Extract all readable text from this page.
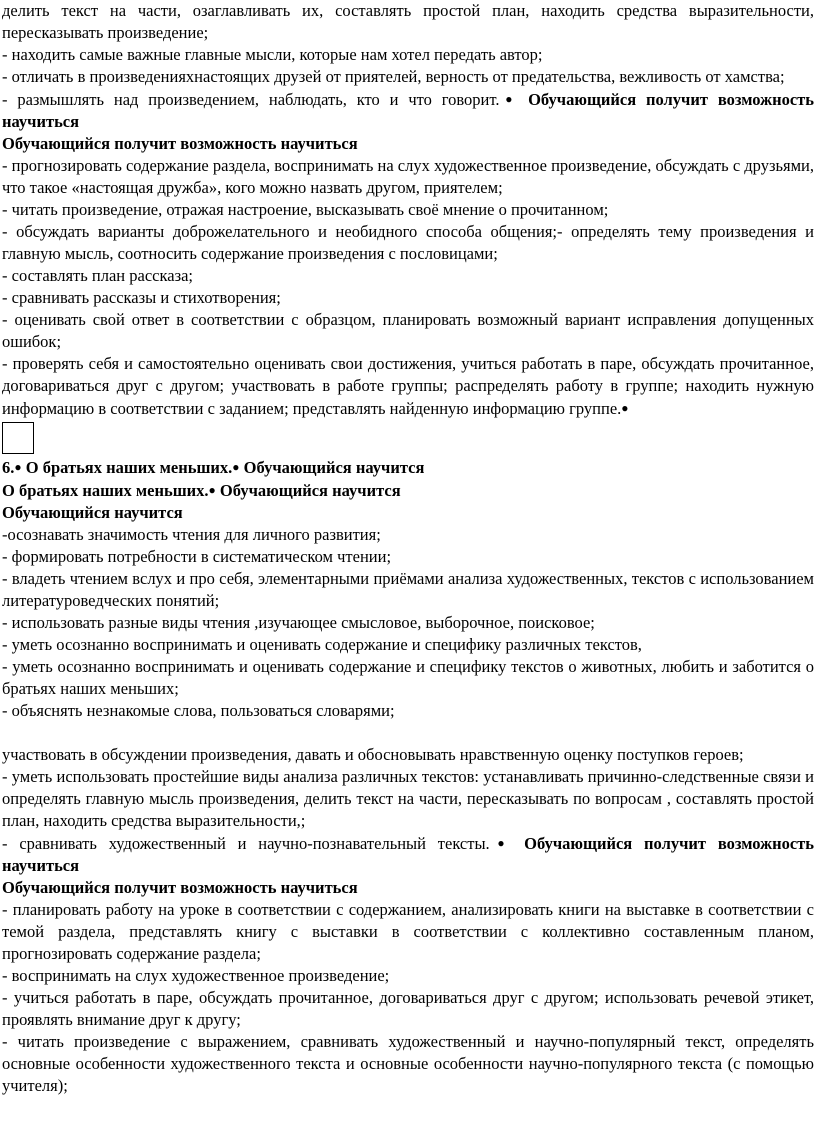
делить текст на части, озаглавливать их, составлять простой план, находить средства выразительности, пересказывать произведение;

- находить самые важные главные мысли, которые нам хотел передать автор;

- отличать в произведенияхнастоящих друзей от приятелей, верность от предательства, вежливость от хамства;

- размышлять над произведением, наблюдать, кто и что говорит.● Обучающийся получит возможность научиться

Обучающийся получит возможность научиться

- прогнозировать содержание раздела, воспринимать на слух художественное произведение, обсуждать с друзьями, что такое «настоящая дружба», кого можно назвать другом, приятелем;

- читать произведение, отражая настроение, высказывать своё мнение о прочитанном;

- обсуждать варианты доброжелательного и необидного способа общения;- определять тему произведения и главную мысль, соотносить содержание произведения с пословицами;

- составлять план рассказа;

- сравнивать рассказы и стихотворения;

- оценивать свой ответ в соответствии с образцом, планировать возможный вариант исправления допущенных ошибок;

- проверять себя и самостоятельно оценивать свои достижения, учиться работать в паре, обсуждать прочитанное, договариваться друг с другом; участвовать в работе группы; распределять работу в группе; находить нужную информацию в соответствии с заданием; представлять найденную информацию группе.●

6.● О братьях наших меньших.● Обучающийся научится

О братьях наших меньших.● Обучающийся научится

Обучающийся научится

-осознавать значимость чтения для личного развития;

- формировать потребности в систематическом чтении;

- владеть чтением вслух и про себя, элементарными приёмами анализа художественных, текстов с использованием литературоведческих понятий;

- использовать разные виды чтения ,изучающее смысловое, выборочное, поисковое;

- уметь осознанно воспринимать и оценивать содержание и специфику различных текстов,

- уметь осознанно воспринимать и оценивать содержание и специфику текстов о животных, любить и заботится о братьях наших меньших;

- объяснять незнакомые слова, пользоваться словарями;

участвовать в обсуждении произведения, давать и обосновывать нравственную оценку поступков героев;

- уметь использовать простейшие виды анализа различных текстов: устанавливать причинно-следственные связи и определять главную мысль произведения, делить текст на части, пересказывать по вопросам , составлять простой план, находить средства выразительности,;

- сравнивать художественный и научно-познавательный тексты.● Обучающийся получит возможность научиться

Обучающийся получит возможность научиться

- планировать работу на уроке в соответствии с содержанием, анализировать книги на выставке в соответствии с темой раздела, представлять книгу с выставки в соответствии с коллективно составленным планом, прогнозировать содержание раздела;

- воспринимать на слух художественное произведение;

- учиться работать в паре, обсуждать прочитанное, договариваться друг с другом; использовать речевой этикет, проявлять внимание друг к другу;

- читать произведение с выражением, сравнивать художественный и научно-популярный текст, определять основные особенности художественного текста и основные особенности научно-популярного текста (с помощью учителя);
